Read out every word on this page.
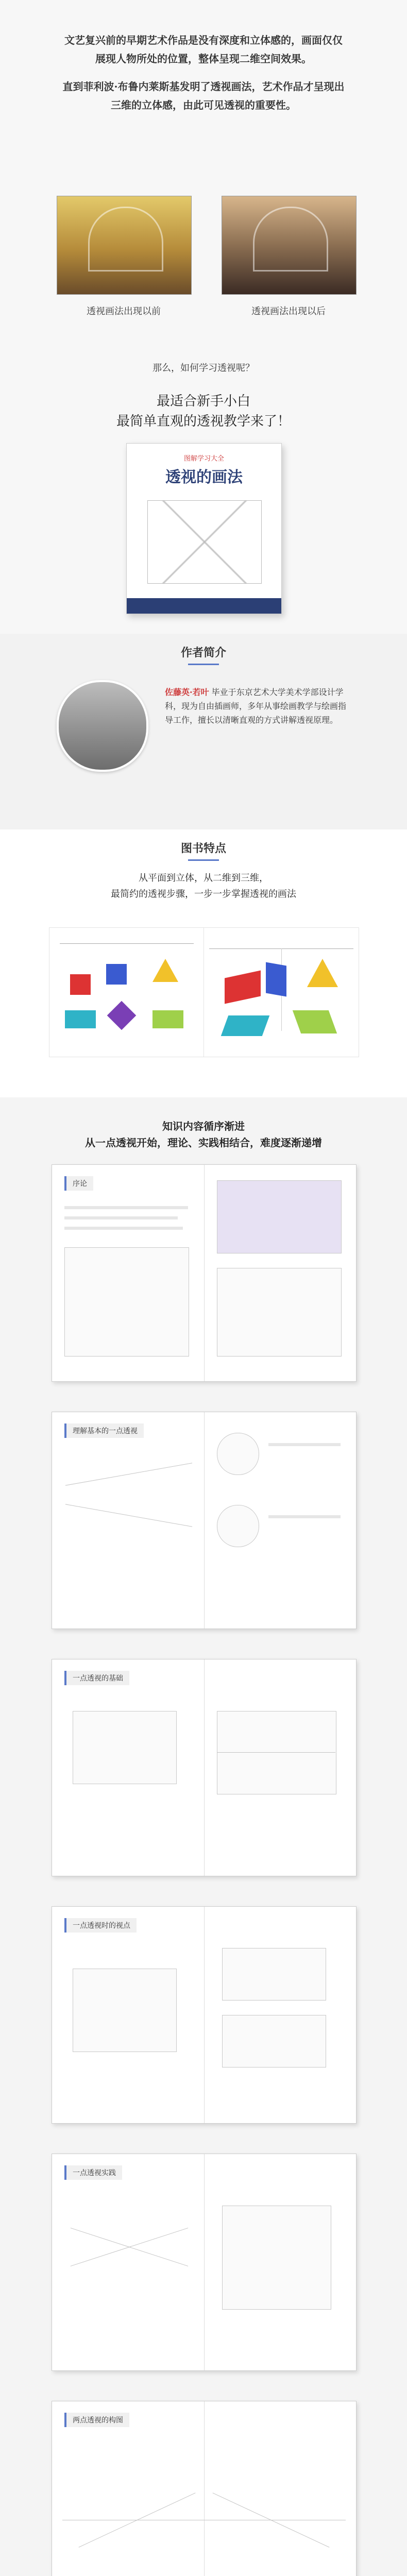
文艺复兴前的早期艺术作品是没有深度和立体感的，画面仅仅展现人物所处的位置，整体呈现二维空间效果。

直到菲利波·布鲁内莱斯基发明了透视画法，艺术作品才呈现出三维的立体感，由此可见透视的重要性。

透视画法出现以前	透视画法出现以后
那么，如何学习透视呢？
最适合新手小白
最简单直观的透视教学来了！
图解学习大全
透视的画法
作者简介
佐藤英·若叶 毕业于东京艺术大学美术学部设计学科，现为自由插画师，多年从事绘画教学与绘画指导工作，擅长以清晰直观的方式讲解透视原理。
图书特点
从平面到立体，从二维到三维，
最简约的透视步骤，一步一步掌握透视的画法
知识内容循序渐进
从一点透视开始，理论、实践相结合，难度逐渐递增
序论
理解基本的一点透视
一点透视的基础
一点透视时的视点
一点透视实践
两点透视的构图
